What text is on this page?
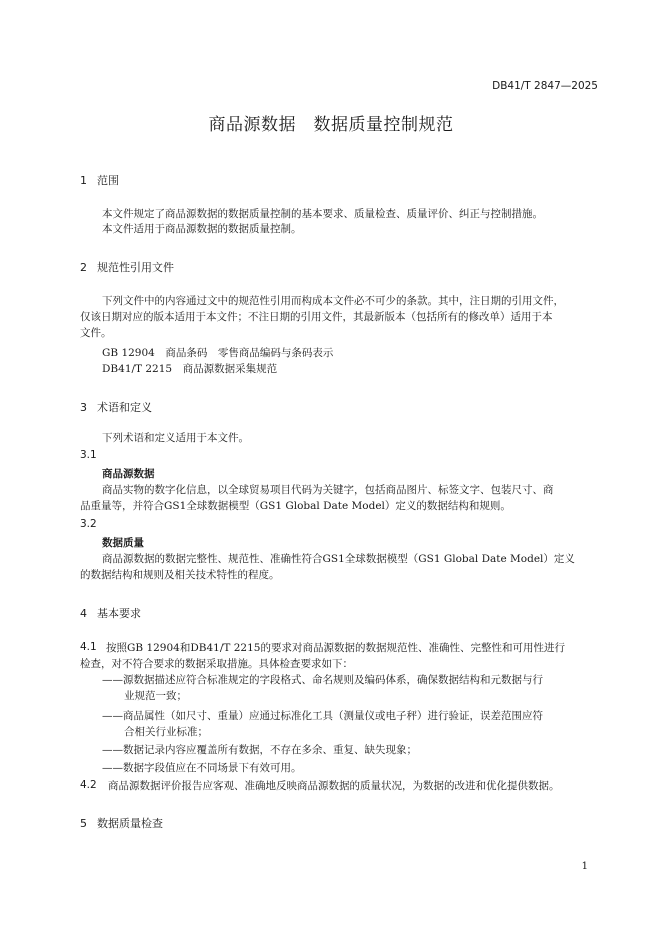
DB41/T 2847—2025
商品源数据　数据质量控制规范
1 范围
本文件规定了商品源数据的数据质量控制的基本要求、质量检查、质量评价、纠正与控制措施。
本文件适用于商品源数据的数据质量控制。
2 规范性引用文件
下列文件中的内容通过文中的规范性引用而构成本文件必不可少的条款。其中，注日期的引用文件，
仅该日期对应的版本适用于本文件；不注日期的引用文件，其最新版本（包括所有的修改单）适用于本
文件。
GB 12904　商品条码　零售商品编码与条码表示
DB41/T 2215　商品源数据采集规范
3 术语和定义
下列术语和定义适用于本文件。
3.1
商品源数据
商品实物的数字化信息，以全球贸易项目代码为关键字，包括商品图片、标签文字、包装尺寸、商
品重量等，并符合GS1全球数据模型（GS1 Global Date Model）定义的数据结构和规则。
3.2
数据质量
商品源数据的数据完整性、规范性、准确性符合GS1全球数据模型（GS1 Global Date Model）定义
的数据结构和规则及相关技术特性的程度。
4 基本要求
4.1 按照GB 12904和DB41/T 2215的要求对商品源数据的数据规范性、准确性、完整性和可用性进行
检查，对不符合要求的数据采取措施。具体检查要求如下：
——源数据描述应符合标准规定的字段格式、命名规则及编码体系，确保数据结构和元数据与行
业规范一致；
——商品属性（如尺寸、重量）应通过标准化工具（测量仪或电子秤）进行验证，误差范围应符
合相关行业标准；
——数据记录内容应覆盖所有数据，不存在多余、重复、缺失现象；
——数据字段值应在不同场景下有效可用。
4.2 商品源数据评价报告应客观、准确地反映商品源数据的质量状况，为数据的改进和优化提供数据。
5 数据质量检查
1
